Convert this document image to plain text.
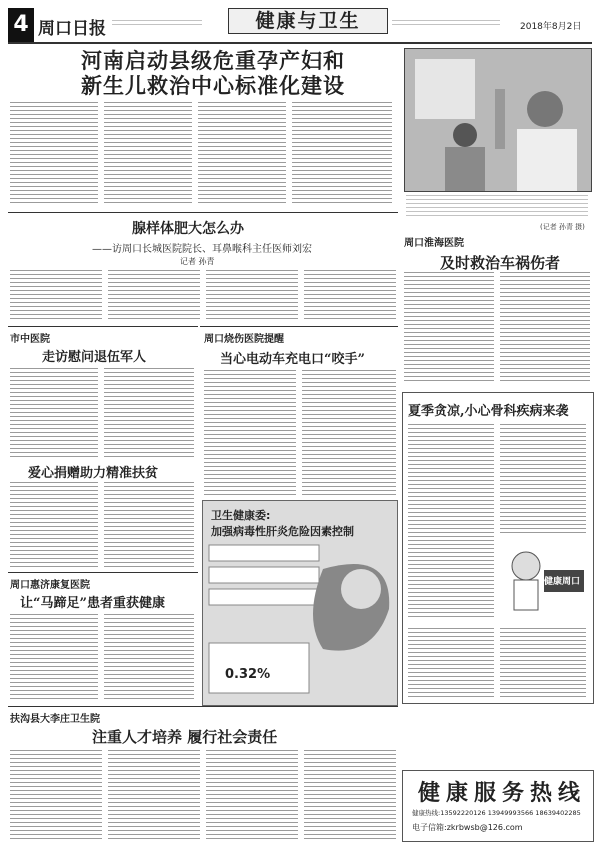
4 周口日报	健康与卫生	2018年8月2日
河南启动县级危重孕产妇和
新生儿救治中心标准化建设
(记者 孙青 摄)
腺样体肥大怎么办
——访周口长城医院院长、耳鼻喉科主任医师刘宏
记者 孙青
周口淮海医院
及时救治车祸伤者
市中医院
走访慰问退伍军人
爱心捐赠助力精准扶贫
周口惠济康复医院
让“马蹄足”患者重获健康
周口烧伤医院提醒
当心电动车充电口“咬手”
卫生健康委:
加强病毒性肝炎危险因素控制
0.32%
夏季贪凉,小心骨科疾病来袭
健康周口
扶沟县大李庄卫生院
注重人才培养 履行社会责任
健康服务热线
健康热线:13592220126 13949993566 18639402285
电子信箱:zkrbwsb@126.com
